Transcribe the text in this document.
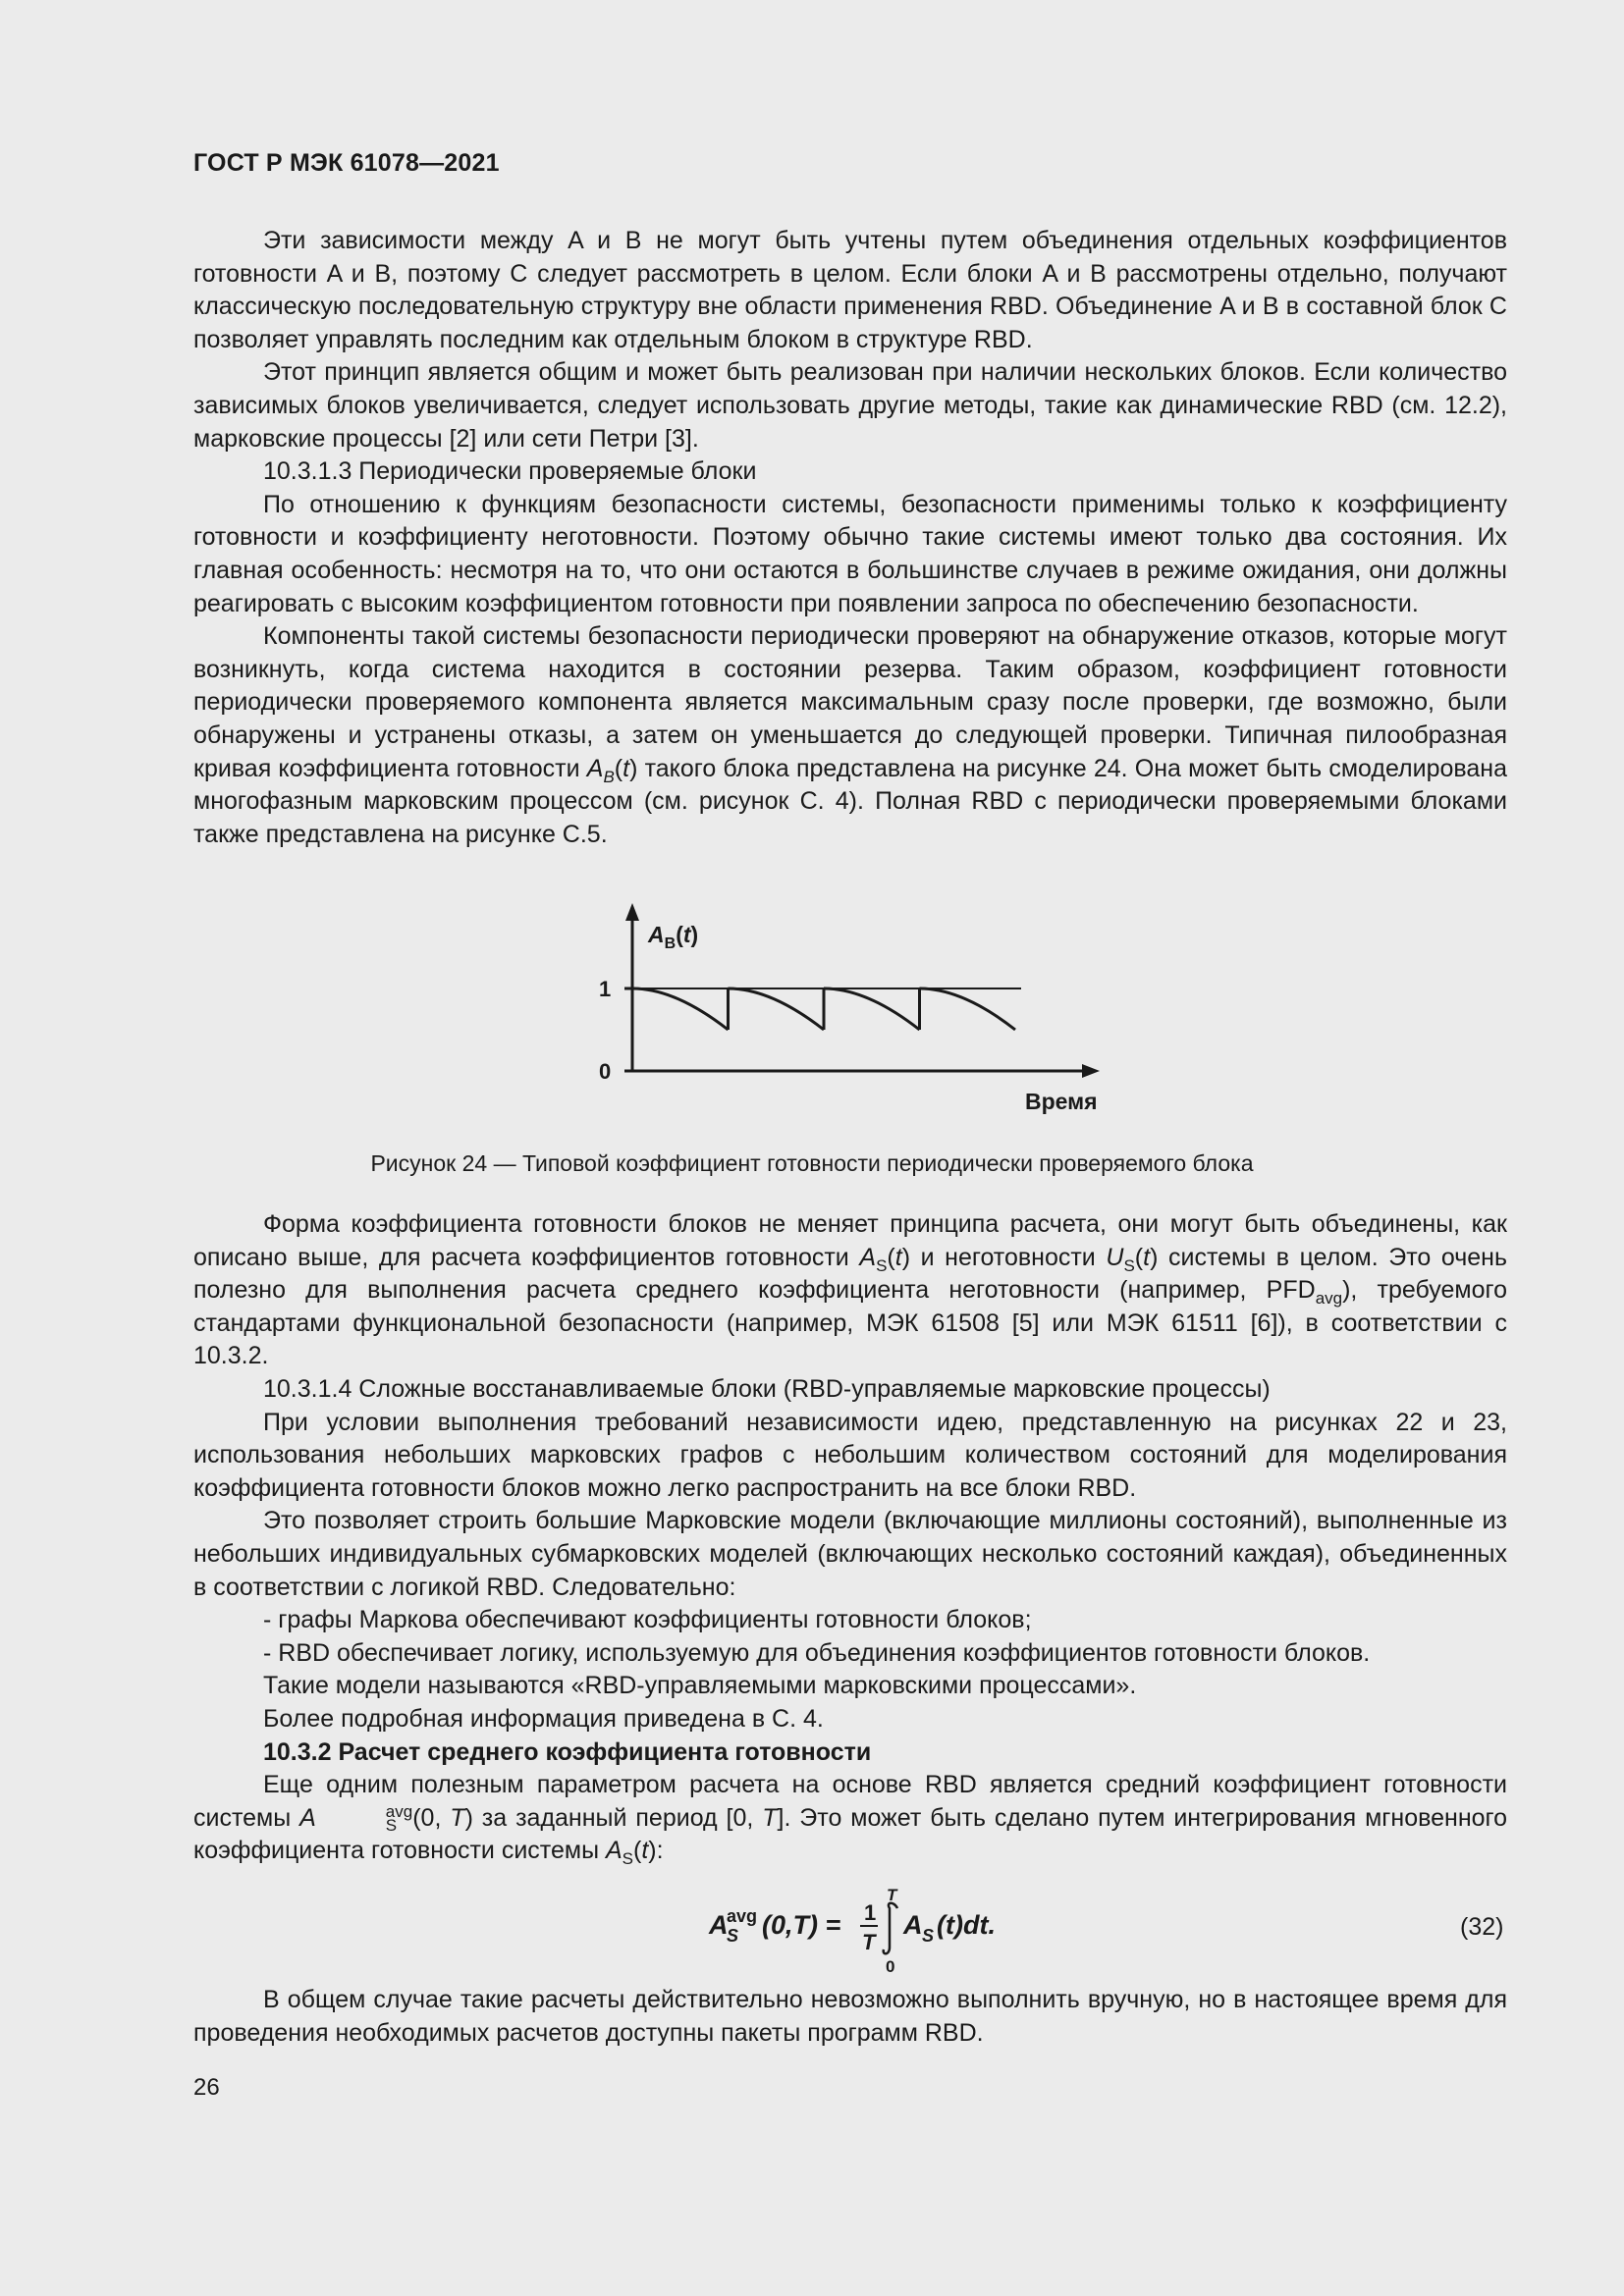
ГОСТ Р МЭК 61078—2021

Эти зависимости между A и B не могут быть учтены путем объединения отдельных коэффициентов готовности A и B, поэтому C следует рассмотреть в целом. Если блоки A и B рассмотрены отдельно, получают классическую последовательную структуру вне области применения RBD. Объединение A и B в составной блок C позволяет управлять последним как отдельным блоком в структуре RBD.

Этот принцип является общим и может быть реализован при наличии нескольких блоков. Если количество зависимых блоков увеличивается, следует использовать другие методы, такие как динамические RBD (см. 12.2), марковские процессы [2] или сети Петри [3].

10.3.1.3 Периодически проверяемые блоки

По отношению к функциям безопасности системы, безопасности применимы только к коэффициенту готовности и коэффициенту неготовности. Поэтому обычно такие системы имеют только два состояния. Их главная особенность: несмотря на то, что они остаются в большинстве случаев в режиме ожидания, они должны реагировать с высоким коэффициентом готовности при появлении запроса по обеспечению безопасности.

Компоненты такой системы безопасности периодически проверяют на обнаружение отказов, которые могут возникнуть, когда система находится в состоянии резерва. Таким образом, коэффициент готовности периодически проверяемого компонента является максимальным сразу после проверки, где возможно, были обнаружены и устранены отказы, а затем он уменьшается до следующей проверки. Типичная пилообразная кривая коэффициента готовности $A_B(t)$ такого блока представлена на рисунке 24. Она может быть смоделирована многофазным марковским процессом (см. рисунок С. 4). Полная RBD с периодически проверяемыми блоками также представлена на рисунке С.5.

$A_B(t)$
1
0
Время
Рисунок 24 — Типовой коэффициент готовности периодически проверяемого блока

Форма коэффициента готовности блоков не меняет принципа расчета, они могут быть объединены, как описано выше, для расчета коэффициентов готовности $A_S(t)$ и неготовности $U_S(t)$ системы в целом. Это очень полезно для выполнения расчета среднего коэффициента неготовности (например, $PFD_{avg}$), требуемого стандартами функциональной безопасности (например, МЭК 61508 [5] или МЭК 61511 [6]), в соответствии с 10.3.2.

10.3.1.4 Сложные восстанавливаемые блоки (RBD-управляемые марковские процессы)

При условии выполнения требований независимости идею, представленную на рисунках 22 и 23, использования небольших марковских графов с небольшим количеством состояний для моделирования коэффициента готовности блоков можно легко распространить на все блоки RBD.

Это позволяет строить большие Марковские модели (включающие миллионы состояний), выполненные из небольших индивидуальных субмарковских моделей (включающих несколько состояний каждая), объединенных в соответствии с логикой RBD. Следовательно:

- графы Маркова обеспечивают коэффициенты готовности блоков;

- RBD обеспечивает логику, используемую для объединения коэффициентов готовности блоков.

Такие модели называются «RBD-управляемыми марковскими процессами».

Более подробная информация приведена в С. 4.

10.3.2 Расчет среднего коэффициента готовности

Еще одним полезным параметром расчета на основе RBD является средний коэффициент готовности системы A	avg
S (0, T) за заданный период [0, T]. Это может быть сделано путем интегрирования мгновенного коэффициента готовности системы $A_S(t)$:

A
avg
S (0,T) = 1
T
T
0
A S (t)dt.	(32)

В общем случае такие расчеты действительно невозможно выполнить вручную, но в настоящее время для проведения необходимых расчетов доступны пакеты программ RBD.

26
